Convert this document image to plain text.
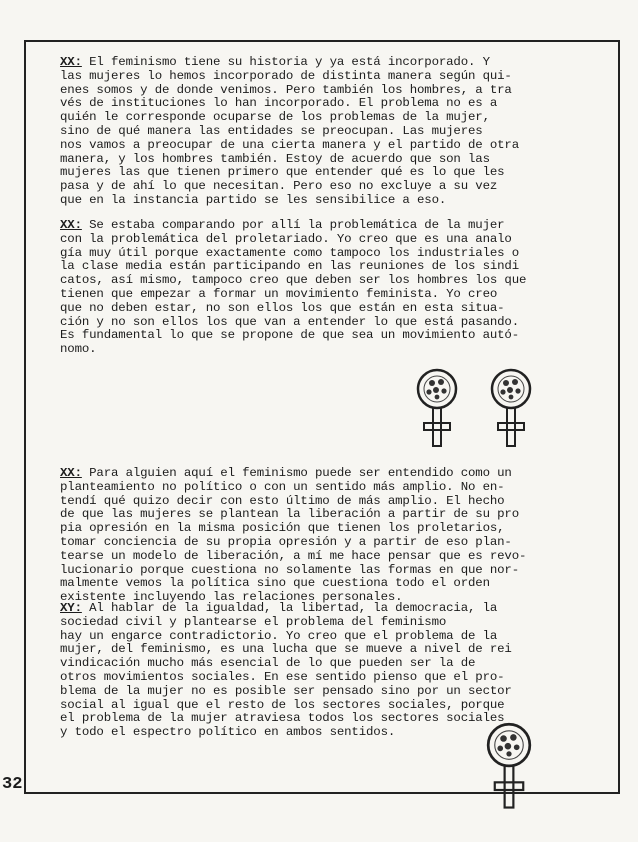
XX: El feminismo tiene su historia y ya está incorporado. Y
las mujeres lo hemos incorporado de distinta manera según qui-
enes somos y de donde venimos. Pero también los hombres, a tra
vés de instituciones lo han incorporado. El problema no es a
quién le corresponde ocuparse de los problemas de la mujer,
sino de qué manera las entidades se preocupan. Las mujeres
nos vamos a preocupar de una cierta manera y el partido de otra
manera, y los hombres también. Estoy de acuerdo que son las
mujeres las que tienen primero que entender qué es lo que les
pasa y de ahí lo que necesitan. Pero eso no excluye a su vez
que en la instancia partido se les sensibilice a eso.

XX: Se estaba comparando por allí la problemática de la mujer
con la problemática del proletariado. Yo creo que es una analo
gía muy útil porque exactamente como tampoco los industriales o
la clase media están participando en las reuniones de los sindi
catos, así mismo, tampoco creo que deben ser los hombres los que
tienen que empezar a formar un movimiento feminista. Yo creo
que no deben estar, no son ellos los que están en esta situa-
ción y no son ellos los que van a entender lo que está pasando.
Es fundamental lo que se propone de que sea un movimiento autó-
nomo.

XX: Para alguien aquí el feminismo puede ser entendido como un
planteamiento no político o con un sentido más amplio. No en-
tendí qué quizo decir con esto último de más amplio. El hecho
de que las mujeres se plantean la liberación a partir de su pro
pia opresión en la misma posición que tienen los proletarios,
tomar conciencia de su propia opresión y a partir de eso plan-
tearse un modelo de liberación, a mí me hace pensar que es revo-
lucionario porque cuestiona no solamente las formas en que nor-
malmente vemos la política sino que cuestiona todo el orden
existente incluyendo las relaciones personales.

XY: Al hablar de la igualdad, la libertad, la democracia, la
sociedad civil y plantearse el problema del feminismo
hay un engarce contradictorio. Yo creo que el problema de la
mujer, del feminismo, es una lucha que se mueve a nivel de rei
vindicación mucho más esencial de lo que pueden ser la de
otros movimientos sociales. En ese sentido pienso que el pro-
blema de la mujer no es posible ser pensado sino por un sector
social al igual que el resto de los sectores sociales, porque
el problema de la mujer atraviesa todos los sectores sociales
y todo el espectro político en ambos sentidos.

32
